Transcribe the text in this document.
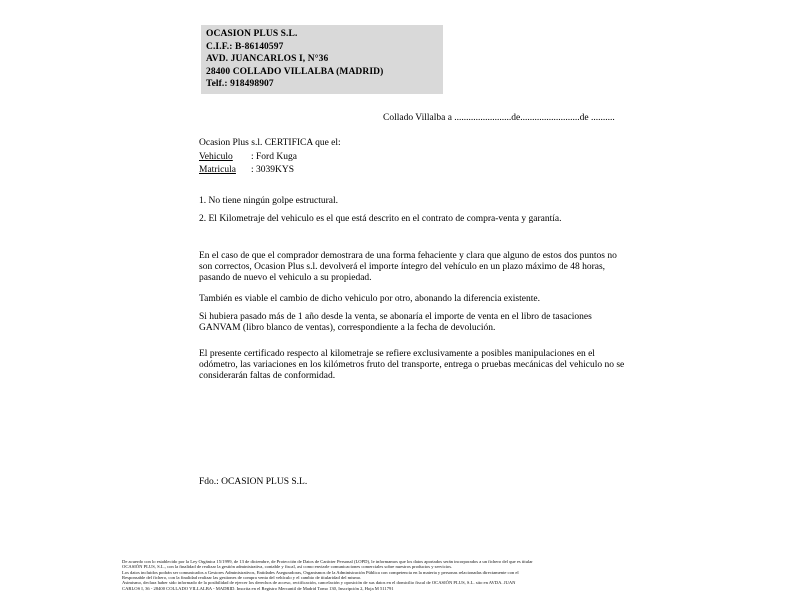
OCASION PLUS S.L.
C.I.F.: B-86140597
AVD. JUANCARLOS I, N°36
28400 COLLADO VILLALBA (MADRID)
Telf.: 918498907
Collado Villalba a ........................de.........................de ..........
Ocasion Plus s.l. CERTIFICA que el:
Vehiculo : Ford Kuga
Matricula : 3039KYS
1. No tiene ningún golpe estructural.
2. El Kilometraje del vehiculo es el que está descrito en el contrato de compra-venta y garantía.
En el caso de que el comprador demostrara de una forma fehaciente y clara que alguno de estos dos puntos no son correctos, Ocasion Plus s.l. devolverá el importe íntegro del vehículo en un plazo máximo de 48 horas, pasando de nuevo el vehiculo a su propiedad.
También es viable el cambio de dicho vehiculo por otro, abonando la diferencia existente.
Si hubiera pasado más de 1 año desde la venta, se abonaría el importe de venta en el libro de tasaciones GANVAM (libro blanco de ventas), correspondiente a la fecha de devolución.
El presente certificado respecto al kilometraje se refiere exclusivamente a posibles manipulaciones en el odómetro, las variaciones en los kilómetros fruto del transporte, entrega o pruebas mecánicas del vehiculo no se considerarán faltas de conformidad.
Fdo.: OCASION PLUS S.L.
De acuerdo con lo establecido por la Ley Orgánica 15/1999, de 13 de diciembre, de Protección de Datos de Carácter Personal (LOPD), le informamos que los datos aportados serán incorporados a un fichero del que es titular
OCASIÓN PLUS, S.L., con la finalidad de realizar la gestión administrativa, contable y fiscal, así como enviarle comunicaciones comerciales sobre nuestros productos y servicios.
Los datos incluidos podrán ser comunicados a Gestores Administrativos, Entidades Aseguradoras, Organismos de la Administración Pública con competencia en la materia y personas relacionadas directamente con el
Responsable del fichero, con la finalidad realizar las gestiones de compra venta del vehículo y el cambio de titularidad del mismo.
Asimismo, declara haber sido informado de la posibilidad de ejercer los derechos de acceso, rectificación, cancelación y oposición de sus datos en el domicilio fiscal de OCASIÓN PLUS, S.L. sito en AVDA. JUAN
CARLOS I, 36 - 28400 COLLADO VILLALBA - MADRID. Inscrita en el Registro Mercantil de Madrid Tomo 130, Inscripción 2, Hoja M 511791
